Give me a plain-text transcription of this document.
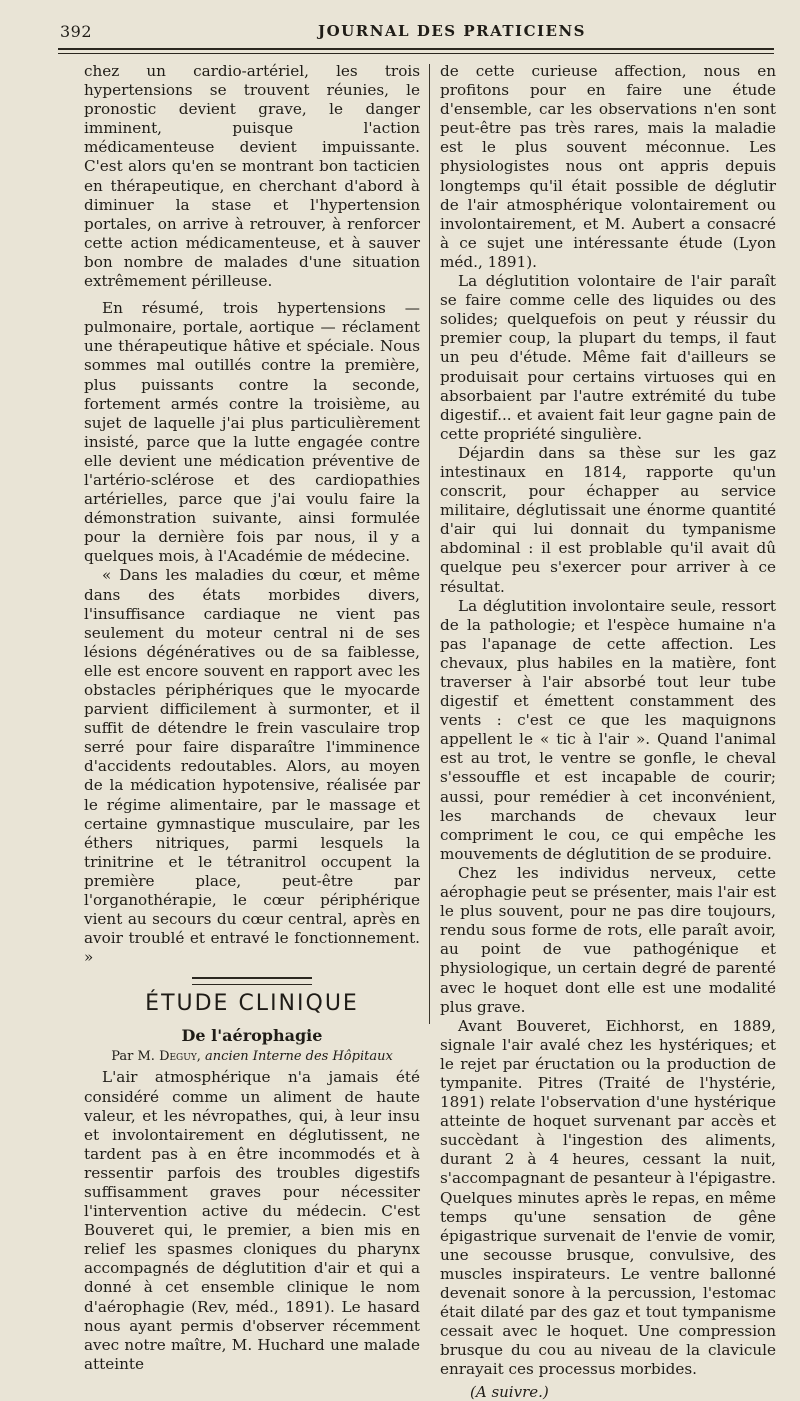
392	JOURNAL DES PRATICIENS

chez un cardio-artériel, les trois hypertensions se trouvent réunies, le pronostic devient grave, le danger imminent, puisque l'action médicamenteuse devient impuissante. C'est alors qu'en se montrant bon tacticien en thérapeutique, en cherchant d'abord à diminuer la stase et l'hypertension portales, on arrive à retrouver, à renforcer cette action médicamenteuse, et à sauver bon nombre de malades d'une situation extrêmement périlleuse.

En résumé, trois hypertensions — pulmonaire, portale, aortique — réclament une thérapeutique hâtive et spéciale. Nous sommes mal outillés contre la première, plus puissants contre la seconde, fortement armés contre la troisième, au sujet de laquelle j'ai plus particulièrement insisté, parce que la lutte engagée contre elle devient une médication préventive de l'artério-sclérose et des cardiopathies artérielles, parce que j'ai voulu faire la démonstration suivante, ainsi formulée pour la dernière fois par nous, il y a quelques mois, à l'Académie de médecine.

« Dans les maladies du cœur, et même dans des états morbides divers, l'insuffisance cardiaque ne vient pas seulement du moteur central ni de ses lésions dégénératives ou de sa faiblesse, elle est encore souvent en rapport avec les obstacles périphériques que le myocarde parvient difficilement à surmonter, et il suffit de détendre le frein vasculaire trop serré pour faire disparaître l'imminence d'accidents redoutables. Alors, au moyen de la médication hypotensive, réalisée par le régime alimentaire, par le massage et certaine gymnastique musculaire, par les éthers nitriques, parmi lesquels la trinitrine et le tétranitrol occupent la première place, peut-être par l'organothérapie, le cœur périphérique vient au secours du cœur central, après en avoir troublé et entravé le fonctionnement. »

ÉTUDE CLINIQUE
De l'aérophagie
Par M. Deguy, ancien Interne des Hôpitaux

L'air atmosphérique n'a jamais été considéré comme un aliment de haute valeur, et les névropathes, qui, à leur insu et involontairement en déglutissent, ne tardent pas à en être incommodés et à ressentir parfois des troubles digestifs suffisamment graves pour nécessiter l'intervention active du médecin. C'est Bouveret qui, le premier, a bien mis en relief les spasmes cloniques du pharynx accompagnés de déglutition d'air et qui a donné à cet ensemble clinique le nom d'aérophagie (Rev, méd., 1891). Le hasard nous ayant permis d'observer récemment avec notre maître, M. Huchard une malade atteinte

de cette curieuse affection, nous en profitons pour en faire une étude d'ensemble, car les observations n'en sont peut-être pas très rares, mais la maladie est le plus souvent méconnue. Les physiologistes nous ont appris depuis longtemps qu'il était possible de déglutir de l'air atmosphérique volontairement ou involontairement, et M. Aubert a consacré à ce sujet une intéressante étude (Lyon méd., 1891).

La déglutition volontaire de l'air paraît se faire comme celle des liquides ou des solides; quelquefois on peut y réussir du premier coup, la plupart du temps, il faut un peu d'étude. Même fait d'ailleurs se produisait pour certains virtuoses qui en absorbaient par l'autre extrémité du tube digestif... et avaient fait leur gagne pain de cette propriété singulière.

Déjardin dans sa thèse sur les gaz intestinaux en 1814, rapporte qu'un conscrit, pour échapper au service militaire, déglutissait une énorme quantité d'air qui lui donnait du tympanisme abdominal : il est problable qu'il avait dû quelque peu s'exercer pour arriver à ce résultat.

La déglutition involontaire seule, ressort de la pathologie; et l'espèce humaine n'a pas l'apanage de cette affection. Les chevaux, plus habiles en la matière, font traverser à l'air absorbé tout leur tube digestif et émettent constamment des vents : c'est ce que les maquignons appellent le « tic à l'air ». Quand l'animal est au trot, le ventre se gonfle, le cheval s'essouffle et est incapable de courir; aussi, pour remédier à cet inconvénient, les marchands de chevaux leur compriment le cou, ce qui empêche les mouvements de déglutition de se produire.

Chez les individus nerveux, cette aérophagie peut se présenter, mais l'air est le plus souvent, pour ne pas dire toujours, rendu sous forme de rots, elle paraît avoir, au point de vue pathogénique et physiologique, un certain degré de parenté avec le hoquet dont elle est une modalité plus grave.

Avant Bouveret, Eichhorst, en 1889, signale l'air avalé chez les hystériques; et le rejet par éructation ou la production de tympanite. Pitres (Traité de l'hystérie, 1891) relate l'observation d'une hystérique atteinte de hoquet survenant par accès et succèdant à l'ingestion des aliments, durant 2 à 4 heures, cessant la nuit, s'accompagnant de pesanteur à l'épigastre. Quelques minutes après le repas, en même temps qu'une sensation de gêne épigastrique survenait de l'envie de vomir, une secousse brusque, convulsive, des muscles inspirateurs. Le ventre ballonné devenait sonore à la percussion, l'estomac était dilaté par des gaz et tout tympanisme cessait avec le hoquet. Une compression brusque du cou au niveau de la clavicule enrayait ces processus morbides.

(A suivre.)
